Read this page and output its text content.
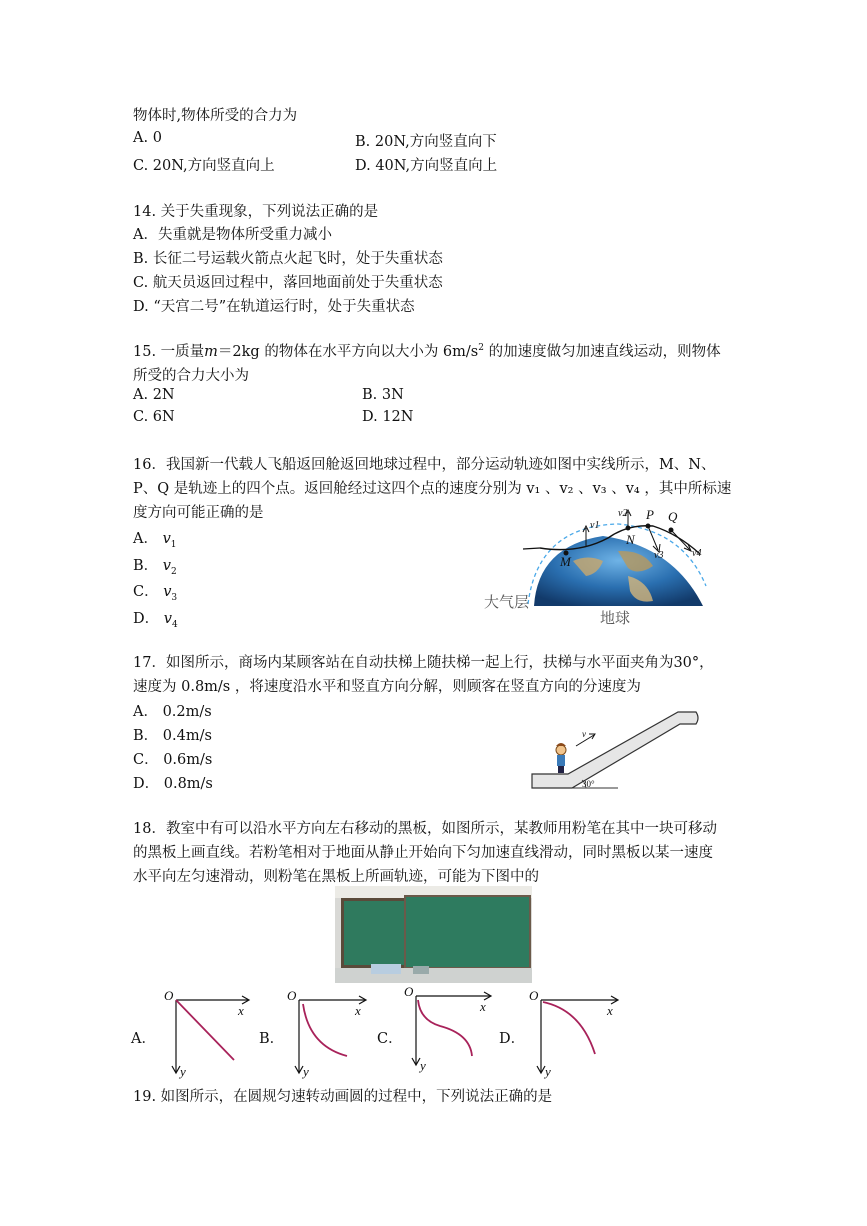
物体时,物体所受的合力为
A. 0	B. 20N,方向竖直向下
C. 20N,方向竖直向上	D. 40N,方向竖直向上
14. 关于失重现象，下列说法正确的是
A．失重就是物体所受重力减小
B. 长征二号运载火箭点火起飞时，处于失重状态
C. 航天员返回过程中，落回地面前处于失重状态
D. “天宫二号”在轨道运行时，处于失重状态
15. 一质量m＝2kg 的物体在水平方向以大小为 $6m/s^2$ 的加速度做匀加速直线运动，则物体
所受的合力大小为
A. 2N	B. 3N
C. 6N	D. 12N
16．我国新一代载人飞船返回舱返回地球过程中，部分运动轨迹如图中实线所示，M、N、
P、Q 是轨迹上的四个点。返回舱经过这四个点的速度分别为 v₁ 、v₂ 、v₃ 、v₄ ，其中所标速
度方向可能正确的是
A． $v_1$
B． $v_2$
C． $v_3$
D． $v_4$
M
N
P Q
v1
v2
v3	v4
大气层
地球
17．如图所示，商场内某顾客站在自动扶梯上随扶梯一起上行，扶梯与水平面夹角为30°，
速度为 0.8m/s ，将速度沿水平和竖直方向分解，则顾客在竖直方向的分速度为
A． 0.2m/s
B． 0.4m/s
C． 0.6m/s
D． 0.8m/s	30°
v
18．教室中有可以沿水平方向左右移动的黑板，如图所示，某教师用粉笔在其中一块可移动
的黑板上画直线。若粉笔相对于地面从静止开始向下匀加速直线滑动，同时黑板以某一速度
水平向左匀速滑动，则粉笔在黑板上所画轨迹，可能为下图中的
A．
O
x
y
B．
O
x
y
C．
O
x
y
D．
O
x
y
19. 如图所示，在圆规匀速转动画圆的过程中，下列说法正确的是
